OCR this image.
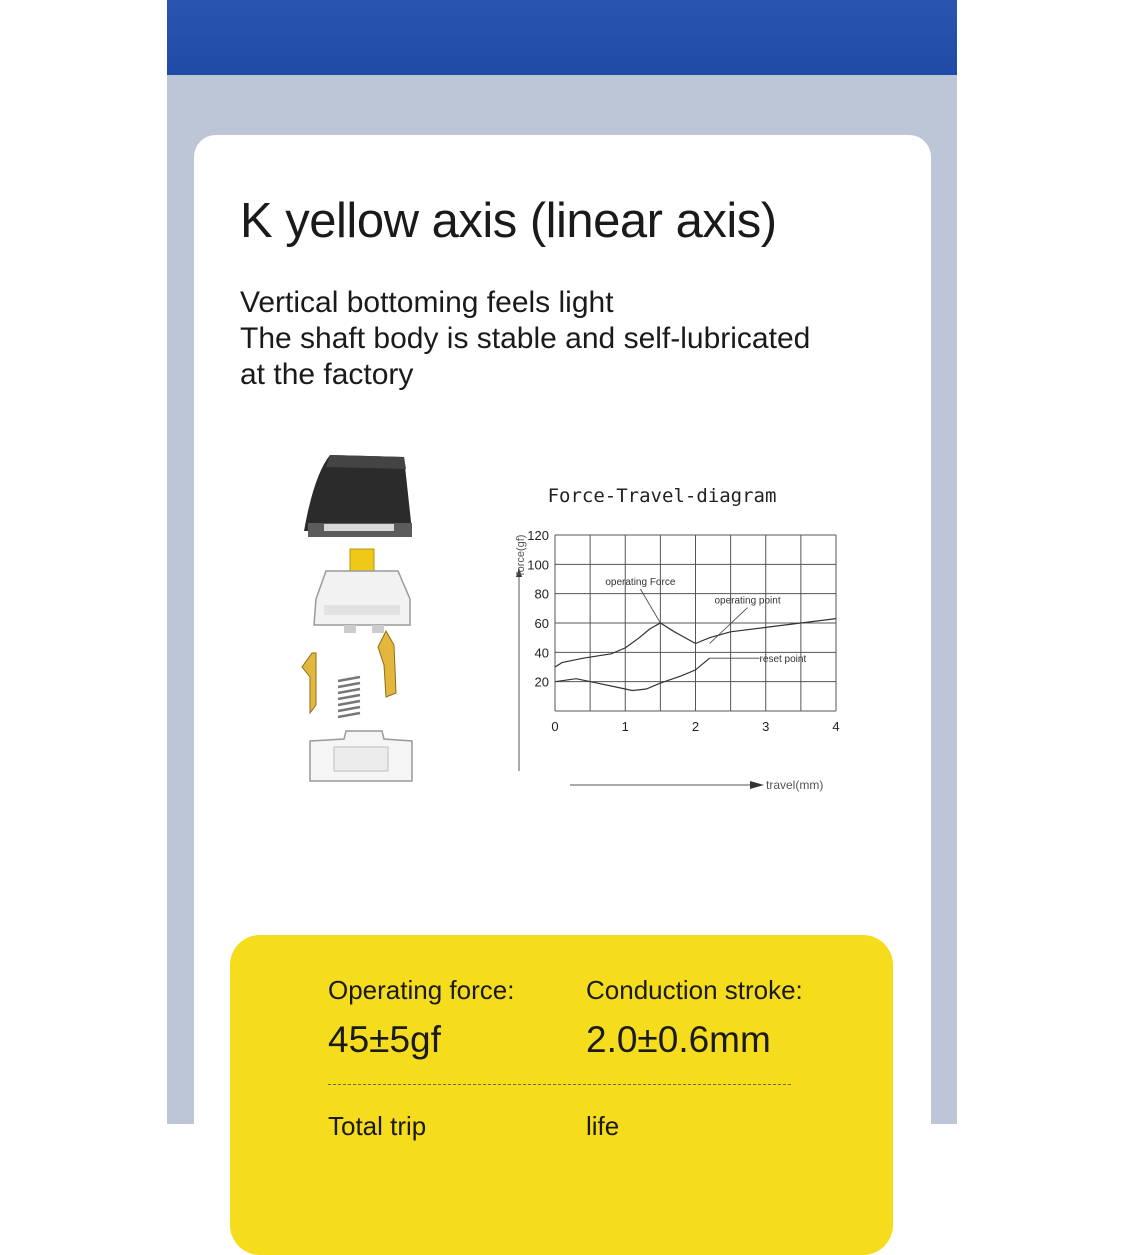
K yellow axis (linear axis)
Vertical bottoming feels light
The shaft body is stable and self-lubricated
at the factory
Force-Travel-diagram
0	1	2	3	4
20
40
60
80
100
120
operating Force
operating point
reset point
force(gf)
travel(mm)
Operating force:	Conduction stroke:
45±5gf	2.0±0.6mm
Total trip	life
